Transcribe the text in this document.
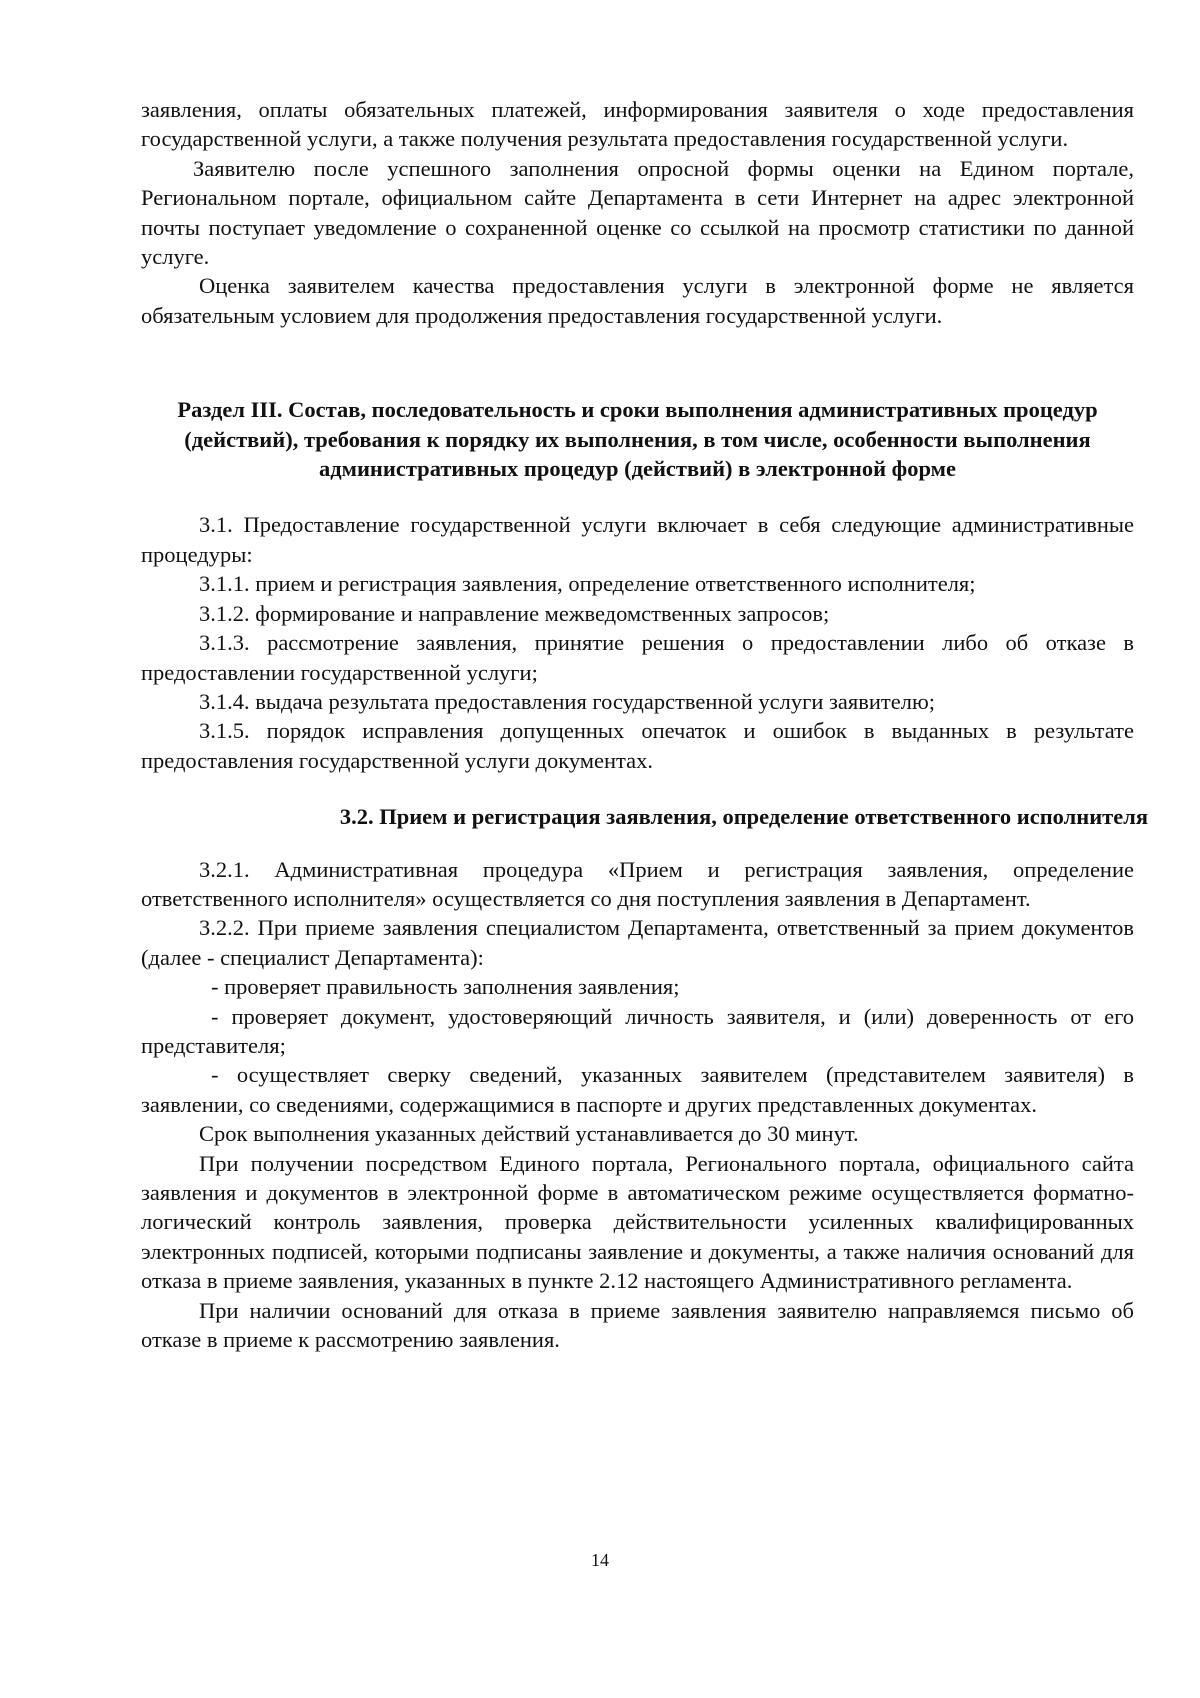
заявления, оплаты обязательных платежей, информирования заявителя о ходе предоставления государственной услуги, а также получения результата предоставления государственной услуги.

Заявителю после успешного заполнения опросной формы оценки на Едином портале, Региональном портале, официальном сайте Департамента в сети Интернет на адрес электронной почты поступает уведомление о сохраненной оценке со ссылкой на просмотр статистики по данной услуге.

Оценка заявителем качества предоставления услуги в электронной форме не является обязательным условием для продолжения предоставления государственной услуги.

Раздел III. Состав, последовательность и сроки выполнения административных процедур (действий), требования к порядку их выполнения, в том числе, особенности выполнения административных процедур (действий) в электронной форме

3.1. Предоставление государственной услуги включает в себя следующие административные процедуры:

3.1.1. прием и регистрация заявления, определение ответственного исполнителя;

3.1.2. формирование и направление межведомственных запросов;

3.1.3. рассмотрение заявления, принятие решения о предоставлении либо об отказе в предоставлении государственной услуги;

3.1.4. выдача результата предоставления государственной услуги заявителю;

3.1.5. порядок исправления допущенных опечаток и ошибок в выданных в результате предоставления государственной услуги документах.

3.2. Прием и регистрация заявления, определение ответственного исполнителя

3.2.1. Административная процедура «Прием и регистрация заявления, определение ответственного исполнителя» осуществляется со дня поступления заявления в Департамент.

3.2.2. При приеме заявления специалистом Департамента, ответственный за прием документов (далее - специалист Департамента):

- проверяет правильность заполнения заявления;

- проверяет документ, удостоверяющий личность заявителя, и (или) доверенность от его представителя;

- осуществляет сверку сведений, указанных заявителем (представителем заявителя) в заявлении, со сведениями, содержащимися в паспорте и других представленных документах.

Срок выполнения указанных действий устанавливается до 30 минут.

При получении посредством Единого портала, Регионального портала, официального сайта заявления и документов в электронной форме в автоматическом режиме осуществляется форматно-логический контроль заявления, проверка действительности усиленных квалифицированных электронных подписей, которыми подписаны заявление и документы, а также наличия оснований для отказа в приеме заявления, указанных в пункте 2.12 настоящего Административного регламента.

При наличии оснований для отказа в приеме заявления заявителю направляемся письмо об отказе в приеме к рассмотрению заявления.

14
